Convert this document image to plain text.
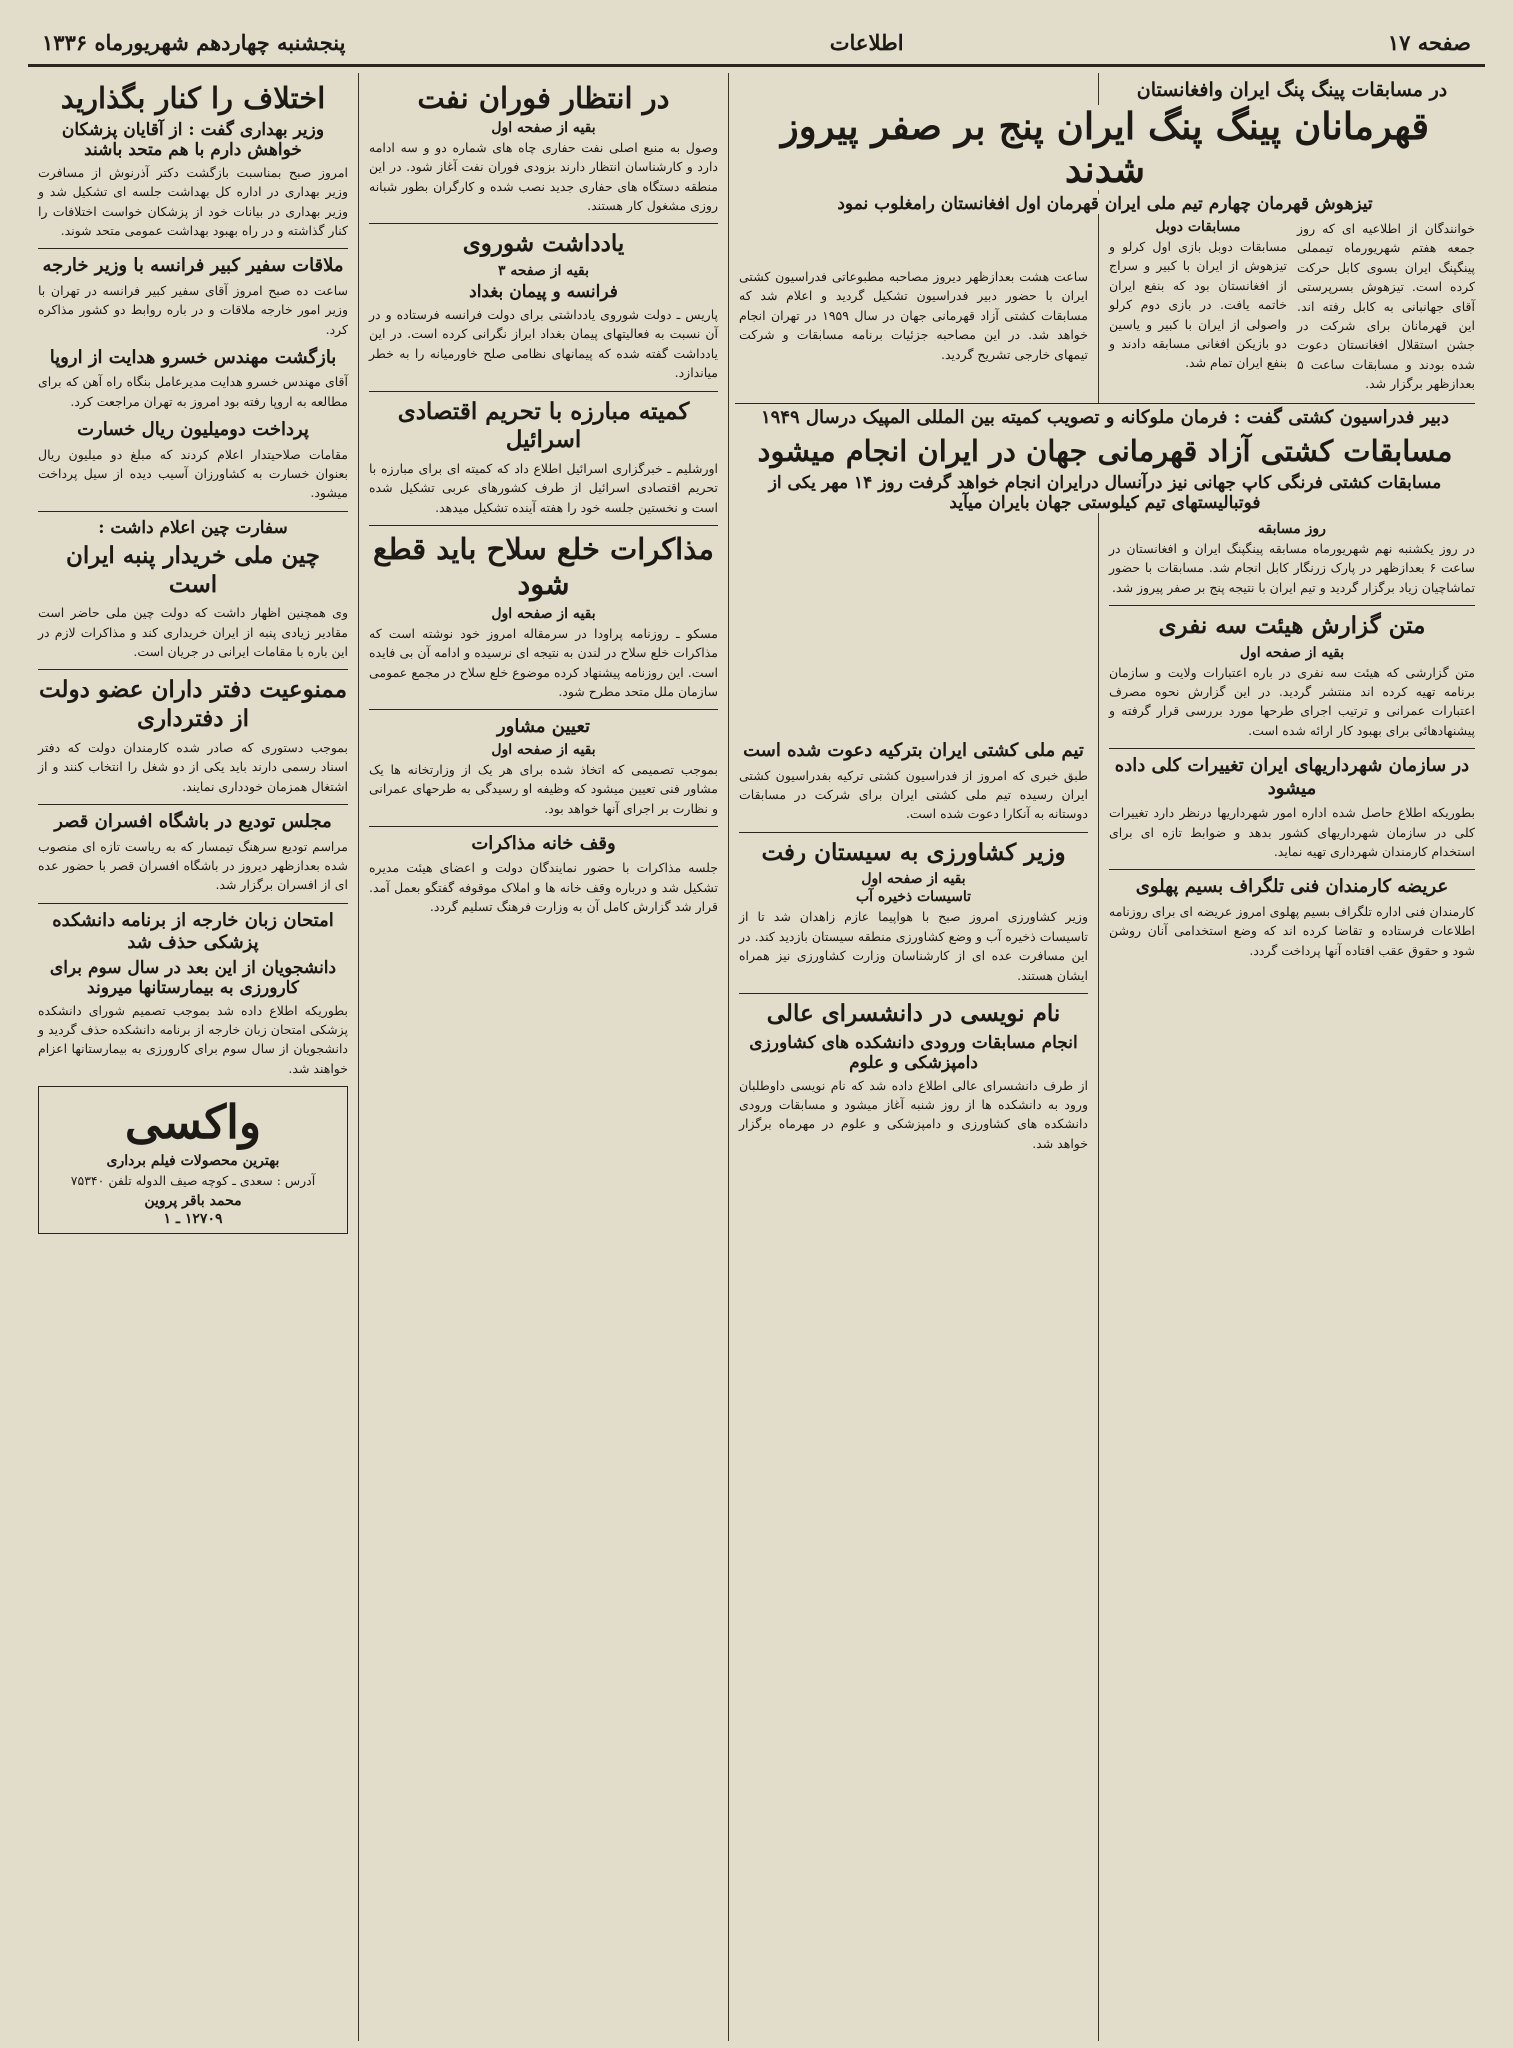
صفحه ۱۷
اطلاعات
پنجشنبه چهاردهم شهریورماه ۱۳۳۶
در مسابقات پینگ پنگ ایران وافغانستان
قهرمانان پینگ پنگ ایران پنج بر صفر پیروز شدند
تیزهوش قهرمان چهارم تیم ملی ایران قهرمان اول افغانستان رامغلوب نمود
خوانندگان از اطلاعیه ای که روز جمعه هفتم شهریورماه تیمملی پینگپنگ ایران بسوی کابل حرکت کرده است. تیزهوش بسرپرستی آقای جهانبانی به کابل رفته اند. این قهرمانان برای شرکت در جشن استقلال افغانستان دعوت شده بودند و مسابقات ساعت ۵ بعدازظهر برگزار شد.
مسابقات دوبل
مسابقات دوبل بازی اول کرلو و تیزهوش از ایران با کبیر و سراج از افغانستان بود که بنفع ایران خاتمه یافت. در بازی دوم کرلو واصولی از ایران با کبیر و یاسین دو بازیکن افغانی مسابقه دادند و بنفع ایران تمام شد.
دبیر فدراسیون کشتی گفت : فرمان ملوکانه و تصویب کمیته بین المللی المپیک درسال ۱۹۴۹
مسابقات کشتی آزاد قهرمانی جهان در ایران انجام میشود
مسابقات کشتی فرنگی کاپ جهانی نیز درآنسال درایران انجام خواهد گرفت روز ۱۴ مهر یکی از فوتبالیستهای تیم کیلوستی جهان بایران میآید
روز مسابقه
در روز یکشنبه نهم شهریورماه مسابقه پینگپنگ ایران و افغانستان در ساعت ۶ بعدازظهر در پارک زرنگار کابل انجام شد. مسابقات با حضور تماشاچیان زیاد برگزار گردید و تیم ایران با نتیجه پنج بر صفر پیروز شد.
متن گزارش هیئت سه نفری
بقیه از صفحه اول
متن گزارشی که هیئت سه نفری در باره اعتبارات ولایت و سازمان برنامه تهیه کرده اند منتشر گردید. در این گزارش نحوه مصرف اعتبارات عمرانی و ترتیب اجرای طرحها مورد بررسی قرار گرفته و پیشنهادهائی برای بهبود کار ارائه شده است.
در سازمان شهرداریهای ایران تغییرات کلی داده میشود
بطوریکه اطلاع حاصل شده اداره امور شهرداریها درنظر دارد تغییرات کلی در سازمان شهرداریهای کشور بدهد و ضوابط تازه ای برای استخدام کارمندان شهرداری تهیه نماید.
عریضه کارمندان فنی تلگراف بسیم پهلوی
کارمندان فنی اداره تلگراف بسیم پهلوی امروز عریضه ای برای روزنامه اطلاعات فرستاده و تقاضا کرده اند که وضع استخدامی آنان روشن شود و حقوق عقب افتاده آنها پرداخت گردد.
ساعت هشت بعدازظهر دیروز مصاحبه مطبوعاتی فدراسیون کشتی ایران با حضور دبیر فدراسیون تشکیل گردید و اعلام شد که مسابقات کشتی آزاد قهرمانی جهان در سال ۱۹۵۹ در تهران انجام خواهد شد. در این مصاحبه جزئیات برنامه مسابقات و شرکت تیمهای خارجی تشریح گردید.
تیم ملی کشتی ایران بترکیه دعوت شده است
طبق خبری که امروز از فدراسیون کشتی ترکیه بفدراسیون کشتی ایران رسیده تیم ملی کشتی ایران برای شرکت در مسابقات دوستانه به آنکارا دعوت شده است.
وزیر کشاورزی به سیستان رفت
بقیه از صفحه اول
تاسیسات ذخیره آب
وزیر کشاورزی امروز صبح با هواپیما عازم زاهدان شد تا از تاسیسات ذخیره آب و وضع کشاورزی منطقه سیستان بازدید کند. در این مسافرت عده ای از کارشناسان وزارت کشاورزی نیز همراه ایشان هستند.
نام نویسی در دانشسرای عالی
انجام مسابقات ورودی دانشکده های کشاورزی دامپزشکی و علوم
از طرف دانشسرای عالی اطلاع داده شد که نام نویسی داوطلبان ورود به دانشکده ها از روز شنبه آغاز میشود و مسابقات ورودی دانشکده های کشاورزی و دامپزشکی و علوم در مهرماه برگزار خواهد شد.
در انتظار فوران نفت
بقیه از صفحه اول
وصول به منبع اصلی نفت حفاری چاه های شماره دو و سه ادامه دارد و کارشناسان انتظار دارند بزودی فوران نفت آغاز شود. در این منطقه دستگاه های حفاری جدید نصب شده و کارگران بطور شبانه روزی مشغول کار هستند.
یادداشت شوروی
بقیه از صفحه ۳
فرانسه و پیمان بغداد
پاریس ـ دولت شوروی یادداشتی برای دولت فرانسه فرستاده و در آن نسبت به فعالیتهای پیمان بغداد ابراز نگرانی کرده است. در این یادداشت گفته شده که پیمانهای نظامی صلح خاورمیانه را به خطر میاندازد.
کمیته مبارزه با تحریم اقتصادی اسرائیل
اورشلیم ـ خبرگزاری اسرائیل اطلاع داد که کمیته ای برای مبارزه با تحریم اقتصادی اسرائیل از طرف کشورهای عربی تشکیل شده است و نخستین جلسه خود را هفته آینده تشکیل میدهد.
مذاکرات خلع سلاح باید قطع شود
بقیه از صفحه اول
مسکو ـ روزنامه پراودا در سرمقاله امروز خود نوشته است که مذاکرات خلع سلاح در لندن به نتیجه ای نرسیده و ادامه آن بی فایده است. این روزنامه پیشنهاد کرده موضوع خلع سلاح در مجمع عمومی سازمان ملل متحد مطرح شود.
تعیین مشاور
بقیه از صفحه اول
بموجب تصمیمی که اتخاذ شده برای هر یک از وزارتخانه ها یک مشاور فنی تعیین میشود که وظیفه او رسیدگی به طرحهای عمرانی و نظارت بر اجرای آنها خواهد بود.
وقف خانه مذاکرات
جلسه مذاکرات با حضور نمایندگان دولت و اعضای هیئت مدیره تشکیل شد و درباره وقف خانه ها و املاک موقوفه گفتگو بعمل آمد. قرار شد گزارش کامل آن به وزارت فرهنگ تسلیم گردد.
اختلاف را کنار بگذارید
وزیر بهداری گفت : از آقایان پزشکان خواهش دارم با هم متحد باشند
امروز صبح بمناسبت بازگشت دکتر آذرنوش از مسافرت وزیر بهداری در اداره کل بهداشت جلسه ای تشکیل شد و وزیر بهداری در بیانات خود از پزشکان خواست اختلافات را کنار گذاشته و در راه بهبود بهداشت عمومی متحد شوند.
ملاقات سفیر کبیر فرانسه با وزیر خارجه
ساعت ده صبح امروز آقای سفیر کبیر فرانسه در تهران با وزیر امور خارجه ملاقات و در باره روابط دو کشور مذاکره کرد.
بازگشت مهندس خسرو هدایت از اروپا
آقای مهندس خسرو هدایت مدیرعامل بنگاه راه آهن که برای مطالعه به اروپا رفته بود امروز به تهران مراجعت کرد.
پرداخت دومیلیون ریال خسارت
مقامات صلاحیتدار اعلام کردند که مبلغ دو میلیون ریال بعنوان خسارت به کشاورزان آسیب دیده از سیل پرداخت میشود.
سفارت چین اعلام داشت :
چین ملی خریدار پنبه ایران است
وی همچنین اظهار داشت که دولت چین ملی حاضر است مقادیر زیادی پنبه از ایران خریداری کند و مذاکرات لازم در این باره با مقامات ایرانی در جریان است.
ممنوعیت دفتر داران عضو دولت از دفترداری
بموجب دستوری که صادر شده کارمندان دولت که دفتر اسناد رسمی دارند باید یکی از دو شغل را انتخاب کنند و از اشتغال همزمان خودداری نمایند.
مجلس تودیع در باشگاه افسران قصر
مراسم تودیع سرهنگ تیمسار که به ریاست تازه ای منصوب شده بعدازظهر دیروز در باشگاه افسران قصر با حضور عده ای از افسران برگزار شد.
امتحان زبان خارجه از برنامه دانشکده پزشکی حذف شد
دانشجویان از این بعد در سال سوم برای کارورزی به بیمارستانها میروند
بطوریکه اطلاع داده شد بموجب تصمیم شورای دانشکده پزشکی امتحان زبان خارجه از برنامه دانشکده حذف گردید و دانشجویان از سال سوم برای کارورزی به بیمارستانها اعزام خواهند شد.
واکسی
بهترین محصولات فیلم برداری
آدرس : سعدی ـ کوچه صیف الدوله تلفن ۷۵۳۴۰
محمد باقر پروین
۱۲۷۰۹ ـ ۱
